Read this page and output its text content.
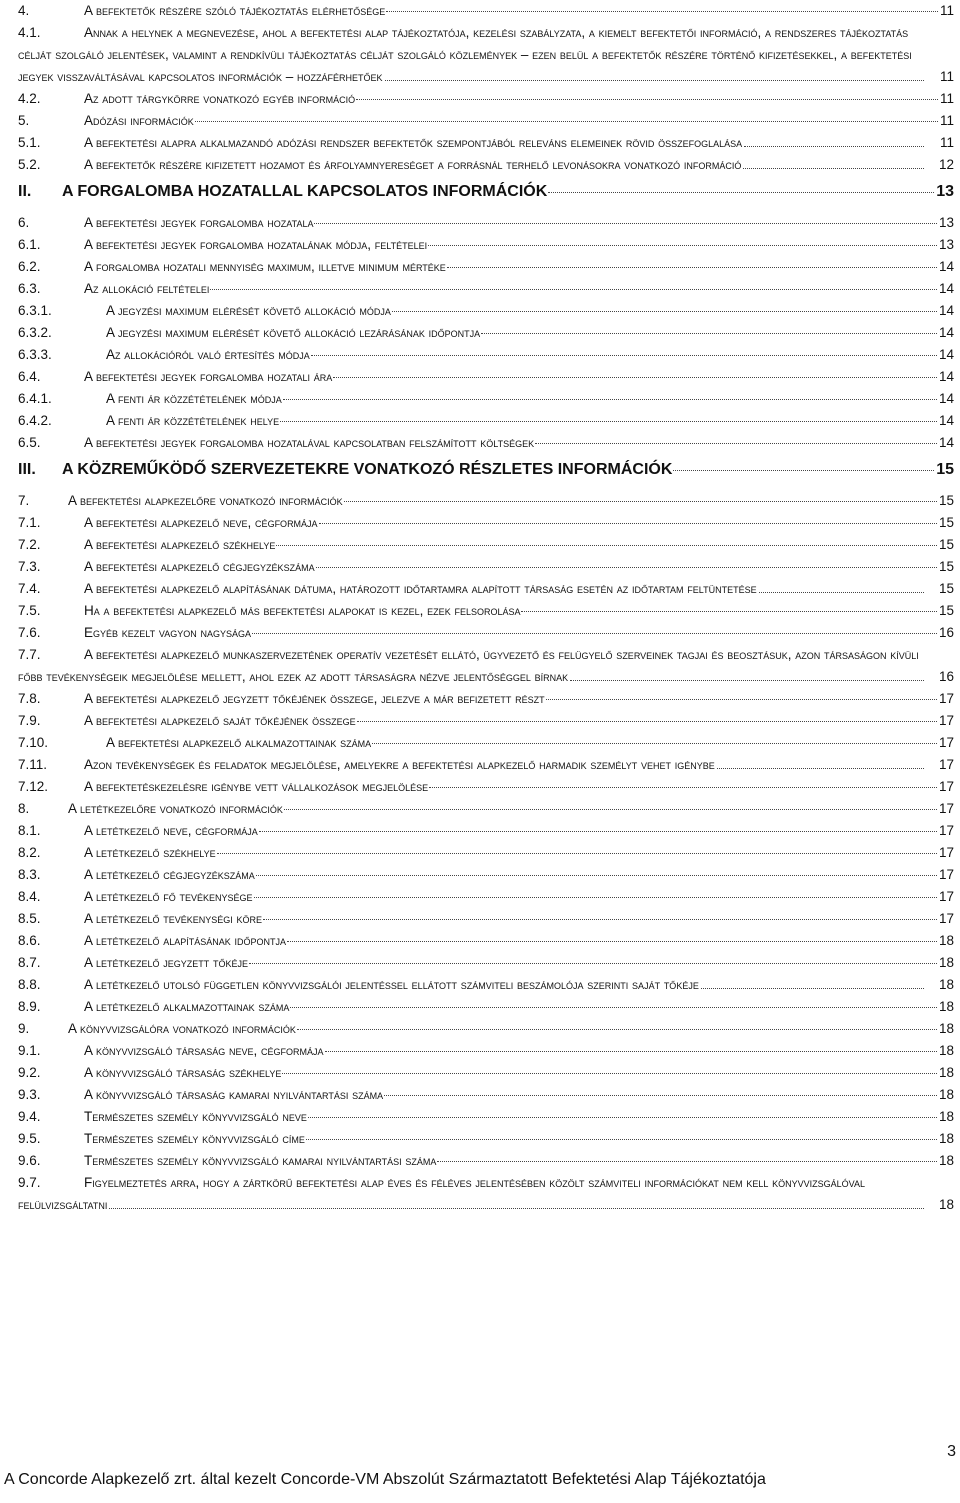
4.	A befektetők részére szóló tájékoztatás elérhetősége	11
4.1.	Annak a helynek a megnevezése, ahol a befektetési alap tájékoztatója, kezelési szabályzata, a kiemelt befektetői információ, a rendszeres tájékoztatás célját szolgáló jelentések, valamint a rendkívüli tájékoztatás célját szolgáló közlemények – ezen belül a befektetők részére történő kifizetésekkel, a befektetési jegyek visszaváltásával kapcsolatos információk – hozzáférhetőek	11
4.2.	Az adott tárgykörre vonatkozó egyéb információ	11
5.	Adózási információk	11
5.1.	A befektetési alapra alkalmazandó adózási rendszer befektetők szempontjából releváns elemeinek rövid összefoglalása	11
5.2.	A befektetők részére kifizetett hozamot és árfolyamnyereséget a forrásnál terhelő levonásokra vonatkozó információ	12
II.	A FORGALOMBA HOZATALLAL KAPCSOLATOS INFORMÁCIÓK	13
6.	A befektetési jegyek forgalomba hozatala	13
6.1.	A befektetési jegyek forgalomba hozatalának módja, feltételei	13
6.2.	A forgalomba hozatali mennyiség maximum, illetve minimum mértéke	14
6.3.	Az allokáció feltételei	14
6.3.1.	A jegyzési maximum elérését követő allokáció módja	14
6.3.2.	A jegyzési maximum elérését követő allokáció lezárásának időpontja	14
6.3.3.	Az allokációról való értesítés módja	14
6.4.	A befektetési jegyek forgalomba hozatali ára	14
6.4.1.	A fenti ár közzétételének módja	14
6.4.2.	A fenti ár közzétételének helye	14
6.5.	A befektetési jegyek forgalomba hozatalával kapcsolatban felszámított költségek	14
III.	A KÖZREMŰKÖDŐ SZERVEZETEKRE VONATKOZÓ RÉSZLETES INFORMÁCIÓK	15
7.	A befektetési alapkezelőre vonatkozó információk	15
7.1.	A befektetési alapkezelő neve, cégformája	15
7.2.	A befektetési alapkezelő székhelye	15
7.3.	A befektetési alapkezelő cégjegyzékszáma	15
7.4.	A befektetési alapkezelő alapításának dátuma, határozott időtartamra alapított társaság esetén az időtartam feltüntetése	15
7.5.	Ha a befektetési alapkezelő más befektetési alapokat is kezel, ezek felsorolása	15
7.6.	Egyéb kezelt vagyon nagysága	16
7.7.	A befektetési alapkezelő munkaszervezetének operatív vezetését ellátó, ügyvezető és felügyelő szerveinek tagjai és beosztásuk, azon társaságon kívüli főbb tevékenységeik megjelölése mellett, ahol ezek az adott társaságra nézve jelentőséggel bírnak	16
7.8.	A befektetési alapkezelő jegyzett tőkéjének összege, jelezve a már befizetett részt	17
7.9.	A befektetési alapkezelő saját tőkéjének összege	17
7.10.	A befektetési alapkezelő alkalmazottainak száma	17
7.11.	Azon tevékenységek és feladatok megjelölése, amelyekre a befektetési alapkezelő harmadik személyt vehet igénybe	17
7.12.	A befektetéskezelésre igénybe vett vállalkozások megjelölése	17
8.	A letétkezelőre vonatkozó információk	17
8.1.	A letétkezelő neve, cégformája	17
8.2.	A letétkezelő székhelye	17
8.3.	A letétkezelő cégjegyzékszáma	17
8.4.	A letétkezelő fő tevékenysége	17
8.5.	A letétkezelő tevékenységi köre	17
8.6.	A letétkezelő alapításának időpontja	18
8.7.	A letétkezelő jegyzett tőkéje	18
8.8.	A letétkezelő utolsó független könyvvizsgálói jelentéssel ellátott számviteli beszámolója szerinti saját tőkéje	18
8.9.	A letétkezelő alkalmazottainak száma	18
9.	A könyvvizsgálóra vonatkozó információk	18
9.1.	A könyvvizsgáló társaság neve, cégformája	18
9.2.	A könyvvizsgáló társaság székhelye	18
9.3.	A könyvvizsgáló társaság kamarai nyilvántartási száma	18
9.4.	Természetes személy könyvvizsgáló neve	18
9.5.	Természetes személy könyvvizsgáló címe	18
9.6.	Természetes személy könyvvizsgáló kamarai nyilvántartási száma	18
9.7.	Figyelmeztetés arra, hogy a zártkörű befektetési alap éves és féléves jelentésében közölt számviteli információkat nem kell könyvvizsgálóval felülvizsgáltatni	18
3
A Concorde Alapkezelő zrt. által kezelt Concorde-VM Abszolút Származtatott Befektetési Alap Tájékoztatója
